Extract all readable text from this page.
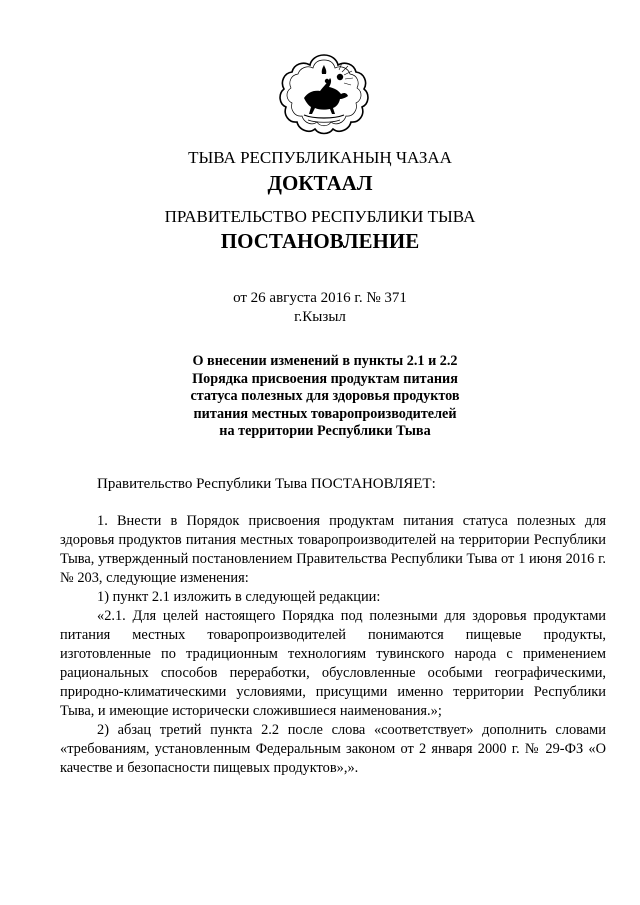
ТЫВА РЕСПУБЛИКАНЫҢ ЧАЗАА
ДОКТААЛ
ПРАВИТЕЛЬСТВО РЕСПУБЛИКИ ТЫВА
ПОСТАНОВЛЕНИЕ
от 26 августа 2016 г. № 371
г.Кызыл
О внесении изменений в пункты 2.1 и 2.2
Порядка присвоения продуктам питания
статуса полезных для здоровья продуктов
питания местных товаропроизводителей
на территории Республики Тыва
Правительство Республики Тыва ПОСТАНОВЛЯЕТ:

1. Внести в Порядок присвоения продуктам питания статуса полезных для здоровья продуктов питания местных товаропроизводителей на территории Республики Тыва, утвержденный постановлением Правительства Республики Тыва от 1 июня 2016 г. № 203, следующие изменения:

1) пункт 2.1 изложить в следующей редакции:

«2.1. Для целей настоящего Порядка под полезными для здоровья продуктами питания местных товаропроизводителей понимаются пищевые продукты, изготовленные по традиционным технологиям тувинского народа с применением рациональных способов переработки, обусловленные особыми географическими, природно-климатическими условиями, присущими именно территории Республики Тыва, и имеющие исторически сложившиеся наименования.»;

2) абзац третий пункта 2.2 после слова «соответствует» дополнить словами «требованиям, установленным Федеральным законом от 2 января 2000 г. № 29-ФЗ «О качестве и безопасности пищевых продуктов»,».
